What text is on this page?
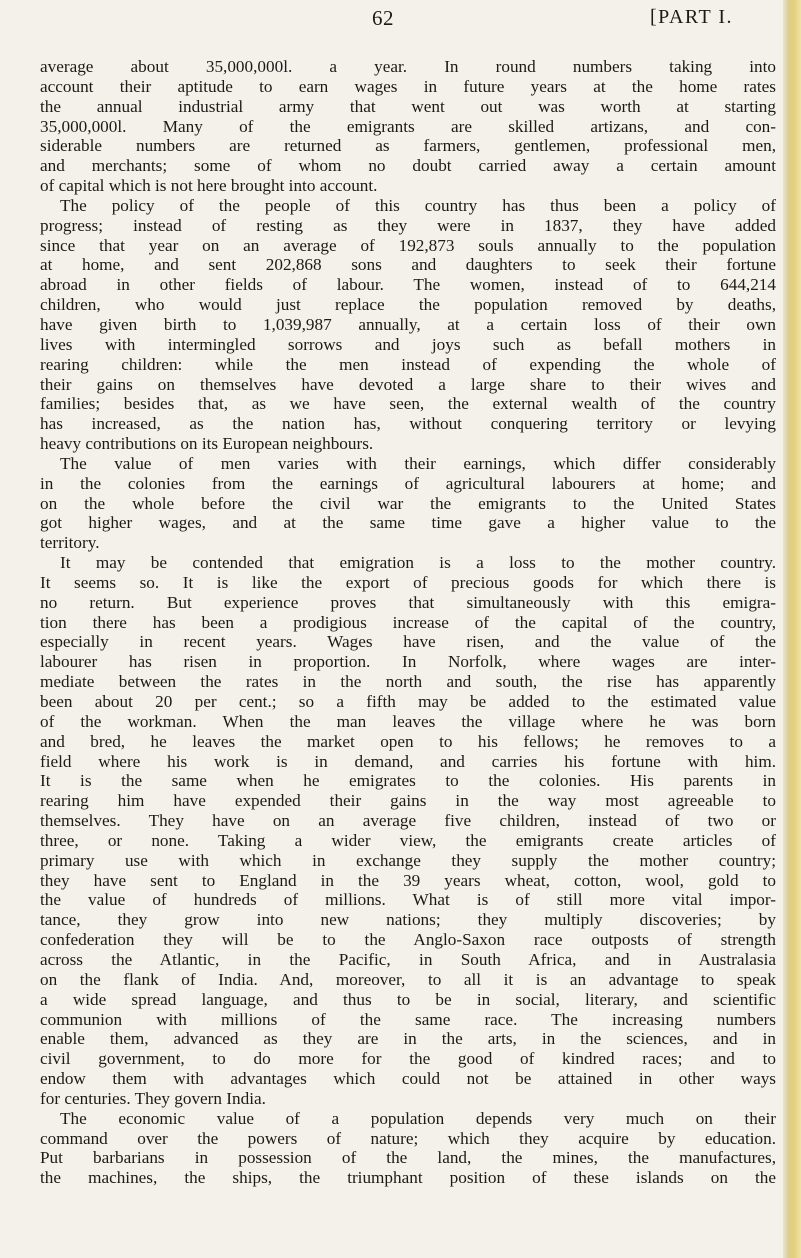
62	[PART I.
average about 35,000,000l. a year. In round numbers taking into
account their aptitude to earn wages in future years at the home rates
the annual industrial army that went out was worth at starting
35,000,000l. Many of the emigrants are skilled artizans, and con-
siderable numbers are returned as farmers, gentlemen, professional men,
and merchants; some of whom no doubt carried away a certain amount
of capital which is not here brought into account.
The policy of the people of this country has thus been a policy of
progress; instead of resting as they were in 1837, they have added
since that year on an average of 192,873 souls annually to the population
at home, and sent 202,868 sons and daughters to seek their fortune
abroad in other fields of labour. The women, instead of to 644,214
children, who would just replace the population removed by deaths,
have given birth to 1,039,987 annually, at a certain loss of their own
lives with intermingled sorrows and joys such as befall mothers in
rearing children: while the men instead of expending the whole of
their gains on themselves have devoted a large share to their wives and
families; besides that, as we have seen, the external wealth of the country
has increased, as the nation has, without conquering territory or levying
heavy contributions on its European neighbours.
The value of men varies with their earnings, which differ considerably
in the colonies from the earnings of agricultural labourers at home; and
on the whole before the civil war the emigrants to the United States
got higher wages, and at the same time gave a higher value to the
territory.
It may be contended that emigration is a loss to the mother country.
It seems so. It is like the export of precious goods for which there is
no return. But experience proves that simultaneously with this emigra-
tion there has been a prodigious increase of the capital of the country,
especially in recent years. Wages have risen, and the value of the
labourer has risen in proportion. In Norfolk, where wages are inter-
mediate between the rates in the north and south, the rise has apparently
been about 20 per cent.; so a fifth may be added to the estimated value
of the workman. When the man leaves the village where he was born
and bred, he leaves the market open to his fellows; he removes to a
field where his work is in demand, and carries his fortune with him.
It is the same when he emigrates to the colonies. His parents in
rearing him have expended their gains in the way most agreeable to
themselves. They have on an average five children, instead of two or
three, or none. Taking a wider view, the emigrants create articles of
primary use with which in exchange they supply the mother country;
they have sent to England in the 39 years wheat, cotton, wool, gold to
the value of hundreds of millions. What is of still more vital impor-
tance, they grow into new nations; they multiply discoveries; by
confederation they will be to the Anglo-Saxon race outposts of strength
across the Atlantic, in the Pacific, in South Africa, and in Australasia
on the flank of India. And, moreover, to all it is an advantage to speak
a wide spread language, and thus to be in social, literary, and scientific
communion with millions of the same race. The increasing numbers
enable them, advanced as they are in the arts, in the sciences, and in
civil government, to do more for the good of kindred races; and to
endow them with advantages which could not be attained in other ways
for centuries. They govern India.
The economic value of a population depends very much on their
command over the powers of nature; which they acquire by education.
Put barbarians in possession of the land, the mines, the manufactures,
the machines, the ships, the triumphant position of these islands on the
